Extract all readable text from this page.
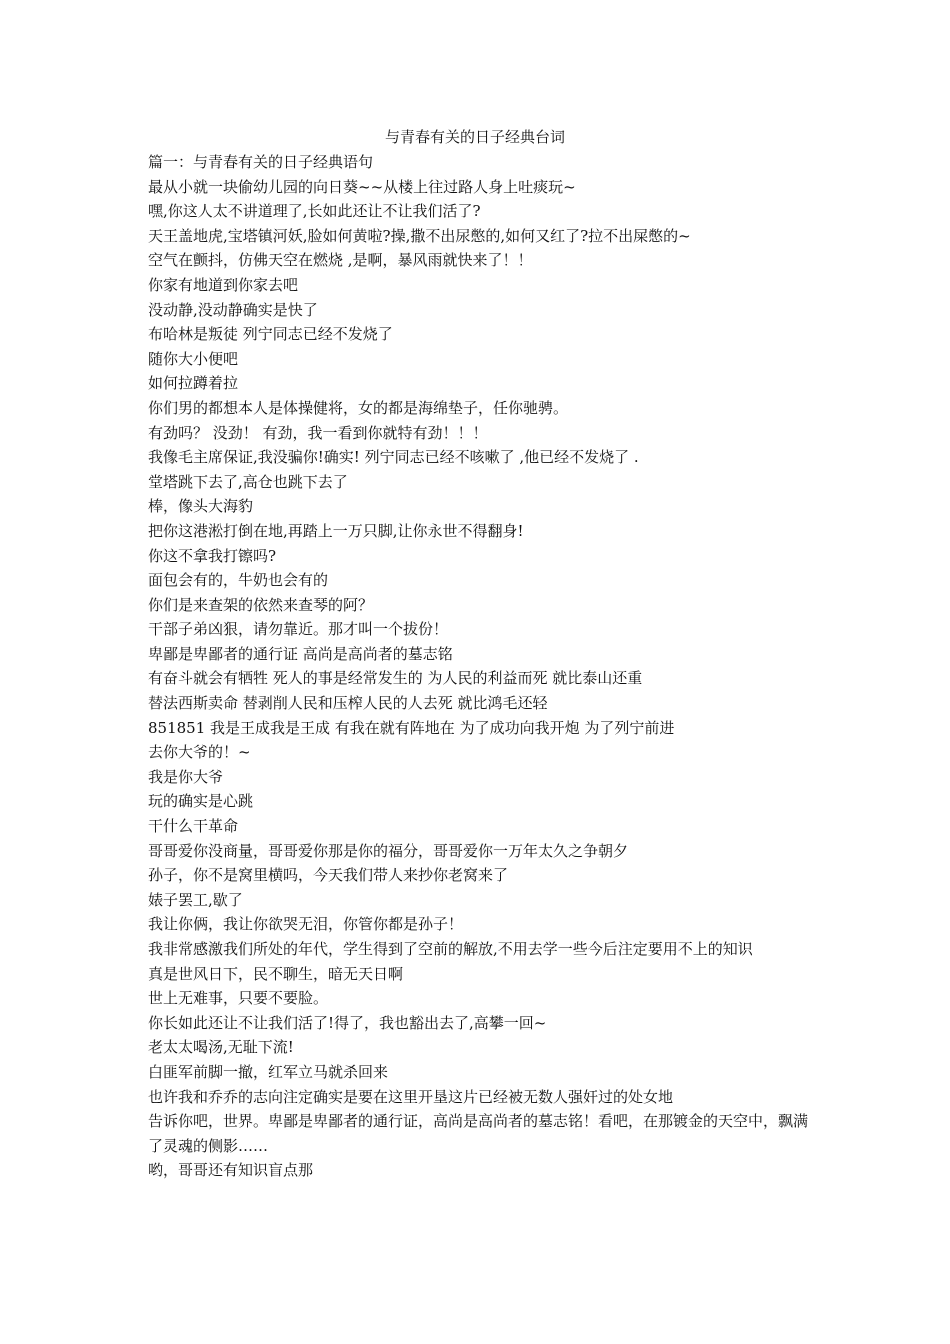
与青春有关的日子经典台词
篇一：与青春有关的日子经典语句
最从小就一块偷幼儿园的向日葵~~从楼上往过路人身上吐痰玩~
嘿,你这人太不讲道理了,长如此还让不让我们活了?
天王盖地虎,宝塔镇河妖,脸如何黄啦?操,撒不出尿憋的,如何又红了?拉不出屎憋的~
空气在颤抖，仿佛天空在燃烧 ,是啊，暴风雨就快来了！！
你家有地道到你家去吧
没动静,没动静确实是快了
布哈林是叛徒 列宁同志已经不发烧了
随你大小便吧
如何拉蹲着拉
你们男的都想本人是体操健将，女的都是海绵垫子，任你驰骋。
有劲吗？ 没劲！ 有劲，我一看到你就特有劲！！！
我像毛主席保证,我没骗你!确实! 列宁同志已经不咳嗽了 ,他已经不发烧了 .
堂塔跳下去了,高仓也跳下去了
棒，像头大海豹
把你这港淞打倒在地,再踏上一万只脚,让你永世不得翻身!
你这不拿我打镲吗?
面包会有的，牛奶也会有的
你们是来查架的依然来查琴的阿？
干部子弟凶狠，请勿靠近。那才叫一个拔份！
卑鄙是卑鄙者的通行证 高尚是高尚者的墓志铭
有奋斗就会有牺牲 死人的事是经常发生的 为人民的利益而死 就比泰山还重
替法西斯卖命 替剥削人民和压榨人民的人去死 就比鸿毛还轻
851851 我是王成我是王成 有我在就有阵地在 为了成功向我开炮 为了列宁前进
去你大爷的！~
我是你大爷
玩的确实是心跳
干什么干革命
哥哥爱你没商量，哥哥爱你那是你的福分，哥哥爱你一万年太久之争朝夕
孙子，你不是窝里横吗，今天我们带人来抄你老窝来了
婊子罢工,歇了
我让你俩，我让你欲哭无泪，你管你都是孙子！
我非常感激我们所处的年代，学生得到了空前的解放,不用去学一些今后注定要用不上的知识
真是世风日下，民不聊生，暗无天日啊
世上无难事，只要不要脸。
你长如此还让不让我们活了!得了，我也豁出去了,高攀一回~
老太太喝汤,无耻下流!
白匪军前脚一撤，红军立马就杀回来
也许我和乔乔的志向注定确实是要在这里开垦这片已经被无数人强奸过的处女地
告诉你吧，世界。卑鄙是卑鄙者的通行证，高尚是高尚者的墓志铭！看吧，在那镀金的天空中，飘满了灵魂的侧影……
哟，哥哥还有知识盲点那
